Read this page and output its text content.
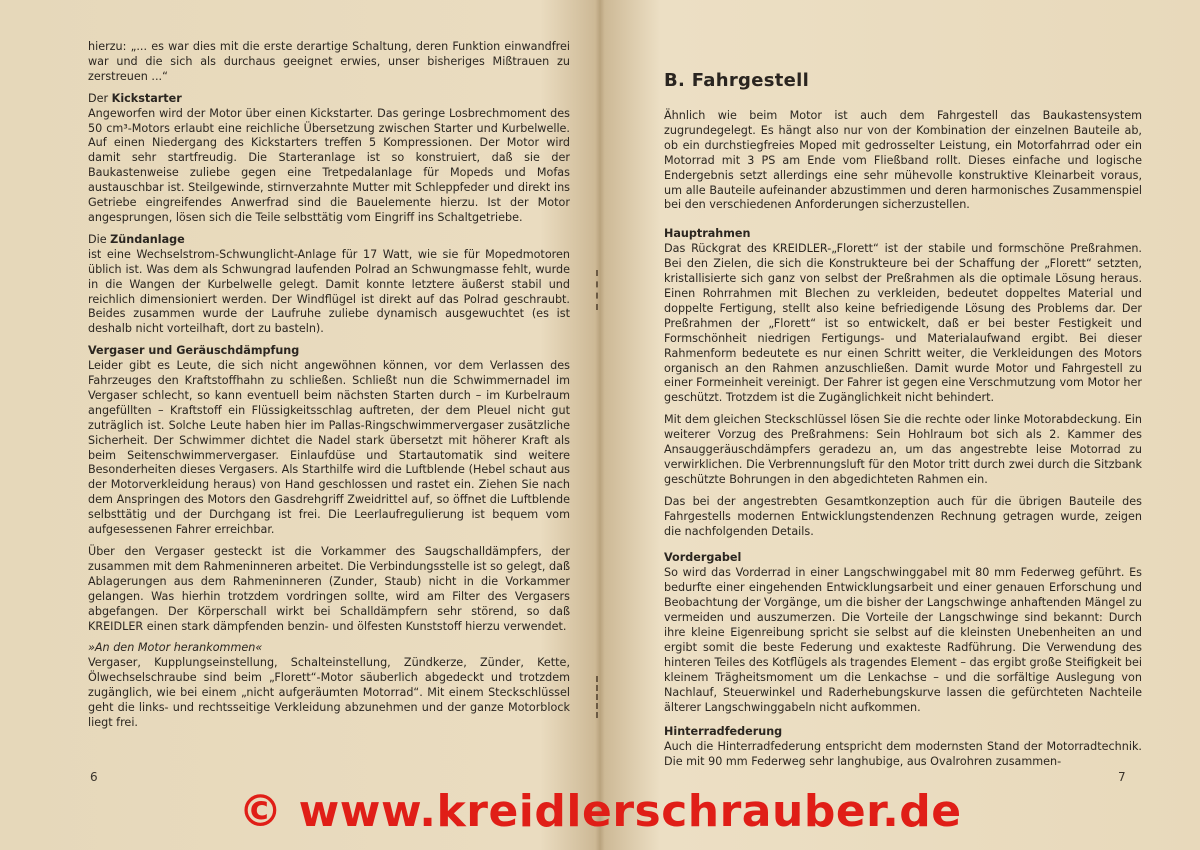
hierzu: „... es war dies mit die erste derartige Schaltung, deren Funktion einwandfrei war und die sich als durchaus geeignet erwies, unser bisheriges Mißtrauen zu zerstreuen ...“

Der Kickstarter
Angeworfen wird der Motor über einen Kickstarter. Das geringe Losbrechmoment des 50 cm³-Motors erlaubt eine reichliche Übersetzung zwischen Starter und Kurbelwelle. Auf einen Niedergang des Kickstarters treffen 5 Kompressionen. Der Motor wird damit sehr startfreudig. Die Starteranlage ist so konstruiert, daß sie der Baukastenweise zuliebe gegen eine Tretpedalanlage für Mopeds und Mofas austauschbar ist. Steilgewinde, stirnverzahnte Mutter mit Schleppfeder und direkt ins Getriebe eingreifendes Anwerfrad sind die Bauelemente hierzu. Ist der Motor angesprungen, lösen sich die Teile selbsttätig vom Eingriff ins Schaltgetriebe.

Die Zündanlage
ist eine Wechselstrom-Schwunglicht-Anlage für 17 Watt, wie sie für Mopedmotoren üblich ist. Was dem als Schwungrad laufenden Polrad an Schwungmasse fehlt, wurde in die Wangen der Kurbelwelle gelegt. Damit konnte letztere äußerst stabil und reichlich dimensioniert werden. Der Windflügel ist direkt auf das Polrad geschraubt. Beides zusammen wurde der Laufruhe zuliebe dynamisch ausgewuchtet (es ist deshalb nicht vorteilhaft, dort zu basteln).

Vergaser und Geräuschdämpfung
Leider gibt es Leute, die sich nicht angewöhnen können, vor dem Verlassen des Fahrzeuges den Kraftstoffhahn zu schließen. Schließt nun die Schwimmernadel im Vergaser schlecht, so kann eventuell beim nächsten Starten durch – im Kurbelraum angefüllten – Kraftstoff ein Flüssigkeitsschlag auftreten, der dem Pleuel nicht gut zuträglich ist. Solche Leute haben hier im Pallas-Ringschwimmervergaser zusätzliche Sicherheit. Der Schwimmer dichtet die Nadel stark übersetzt mit höherer Kraft als beim Seitenschwimmervergaser. Einlaufdüse und Startautomatik sind weitere Besonderheiten dieses Vergasers. Als Starthilfe wird die Luftblende (Hebel schaut aus der Motorverkleidung heraus) von Hand geschlossen und rastet ein. Ziehen Sie nach dem Anspringen des Motors den Gasdrehgriff Zweidrittel auf, so öffnet die Luftblende selbsttätig und der Durchgang ist frei. Die Leerlaufregulierung ist bequem vom aufgesessenen Fahrer erreichbar.

Über den Vergaser gesteckt ist die Vorkammer des Saugschalldämpfers, der zusammen mit dem Rahmeninneren arbeitet. Die Verbindungsstelle ist so gelegt, daß Ablagerungen aus dem Rahmeninneren (Zunder, Staub) nicht in die Vorkammer gelangen. Was hierhin trotzdem vordringen sollte, wird am Filter des Vergasers abgefangen. Der Körperschall wirkt bei Schalldämpfern sehr störend, so daß KREIDLER einen stark dämpfenden benzin- und ölfesten Kunststoff hierzu verwendet.

»An den Motor herankommen«
Vergaser, Kupplungseinstellung, Schalteinstellung, Zündkerze, Zünder, Kette, Ölwechselschraube sind beim „Florett“-Motor säuberlich abgedeckt und trotzdem zugänglich, wie bei einem „nicht aufgeräumten Motorrad“. Mit einem Steckschlüssel geht die links- und rechtsseitige Verkleidung abzunehmen und der ganze Motorblock liegt frei.

B. Fahrgestell

Ähnlich wie beim Motor ist auch dem Fahrgestell das Baukastensystem zugrundegelegt. Es hängt also nur von der Kombination der einzelnen Bauteile ab, ob ein durchstiegfreies Moped mit gedrosselter Leistung, ein Motorfahrrad oder ein Motorrad mit 3 PS am Ende vom Fließband rollt. Dieses einfache und logische Endergebnis setzt allerdings eine sehr mühevolle konstruktive Kleinarbeit voraus, um alle Bauteile aufeinander abzustimmen und deren harmonisches Zusammenspiel bei den verschiedenen Anforderungen sicherzustellen.

Hauptrahmen
Das Rückgrat des KREIDLER-„Florett“ ist der stabile und formschöne Preßrahmen. Bei den Zielen, die sich die Konstrukteure bei der Schaffung der „Florett“ setzten, kristallisierte sich ganz von selbst der Preßrahmen als die optimale Lösung heraus. Einen Rohrrahmen mit Blechen zu verkleiden, bedeutet doppeltes Material und doppelte Fertigung, stellt also keine befriedigende Lösung des Problems dar. Der Preßrahmen der „Florett“ ist so entwickelt, daß er bei bester Festigkeit und Formschönheit niedrigen Fertigungs- und Materialaufwand ergibt. Bei dieser Rahmenform bedeutete es nur einen Schritt weiter, die Verkleidungen des Motors organisch an den Rahmen anzuschließen. Damit wurde Motor und Fahrgestell zu einer Formeinheit vereinigt. Der Fahrer ist gegen eine Verschmutzung vom Motor her geschützt. Trotzdem ist die Zugänglichkeit nicht behindert.

Mit dem gleichen Steckschlüssel lösen Sie die rechte oder linke Motorabdeckung. Ein weiterer Vorzug des Preßrahmens: Sein Hohlraum bot sich als 2. Kammer des Ansauggeräuschdämpfers geradezu an, um das angestrebte leise Motorrad zu verwirklichen. Die Verbrennungsluft für den Motor tritt durch zwei durch die Sitzbank geschützte Bohrungen in den abgedichteten Rahmen ein.

Das bei der angestrebten Gesamtkonzeption auch für die übrigen Bauteile des Fahrgestells modernen Entwicklungstendenzen Rechnung getragen wurde, zeigen die nachfolgenden Details.

Vordergabel
So wird das Vorderrad in einer Langschwinggabel mit 80 mm Federweg geführt. Es bedurfte einer eingehenden Entwicklungsarbeit und einer genauen Erforschung und Beobachtung der Vorgänge, um die bisher der Langschwinge anhaftenden Mängel zu vermeiden und auszumerzen. Die Vorteile der Langschwinge sind bekannt: Durch ihre kleine Eigenreibung spricht sie selbst auf die kleinsten Unebenheiten an und ergibt somit die beste Federung und exakteste Radführung. Die Verwendung des hinteren Teiles des Kotflügels als tragendes Element – das ergibt große Steifigkeit bei kleinem Trägheitsmoment um die Lenkachse – und die sorfältige Auslegung von Nachlauf, Steuerwinkel und Raderhebungskurve lassen die gefürchteten Nachteile älterer Langschwinggabeln nicht aufkommen.

Hinterradfederung
Auch die Hinterradfederung entspricht dem modernsten Stand der Motorradtechnik. Die mit 90 mm Federweg sehr langhubige, aus Ovalrohren zusammen-

6	7
© www.kreidlerschrauber.de
